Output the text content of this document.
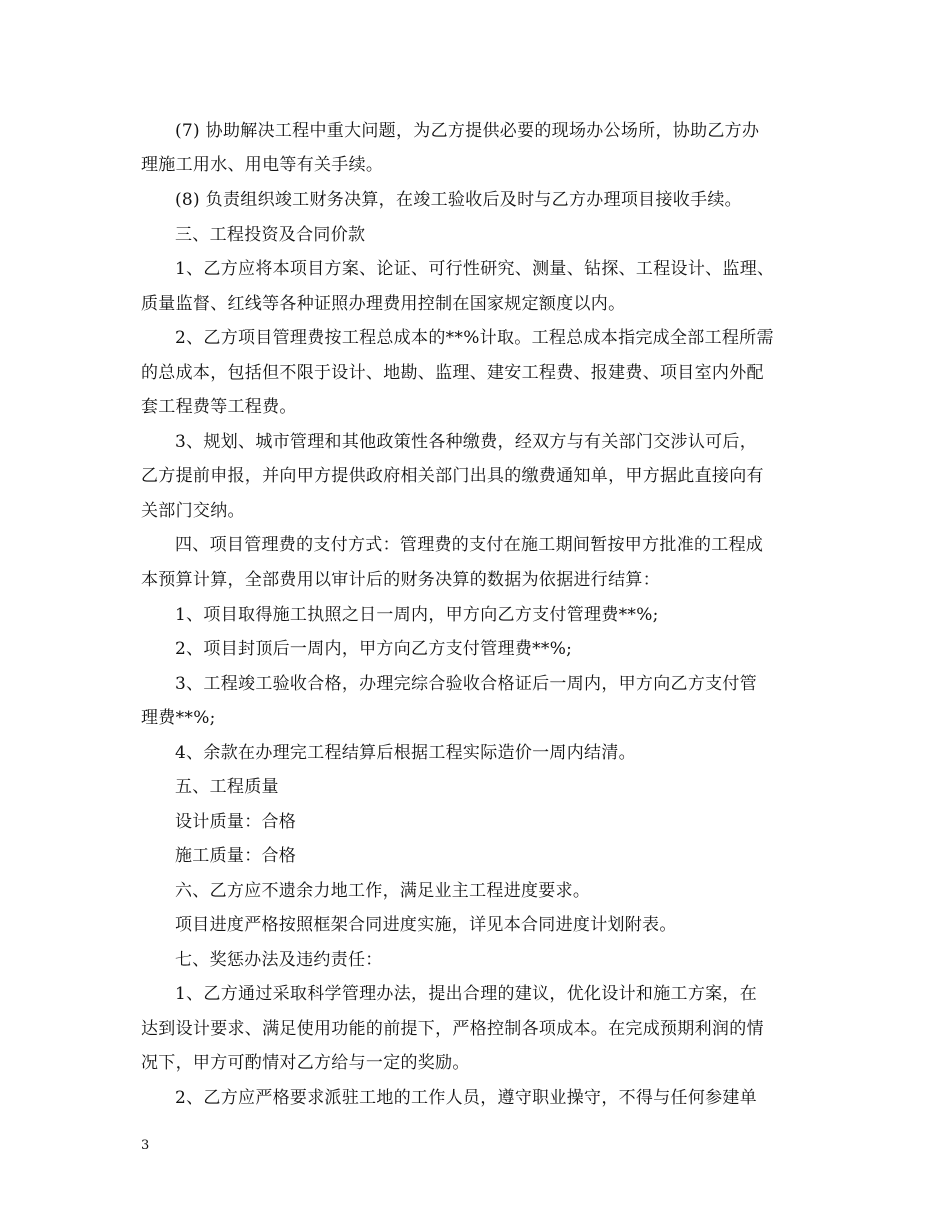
(7) 协助解决工程中重大问题，为乙方提供必要的现场办公场所，协助乙方办
理施工用水、用电等有关手续。
(8) 负责组织竣工财务决算，在竣工验收后及时与乙方办理项目接收手续。
三、工程投资及合同价款
1、乙方应将本项目方案、论证、可行性研究、测量、钻探、工程设计、监理、
质量监督、红线等各种证照办理费用控制在国家规定额度以内。
2、乙方项目管理费按工程总成本的**%计取。工程总成本指完成全部工程所需
的总成本，包括但不限于设计、地勘、监理、建安工程费、报建费、项目室内外配
套工程费等工程费。
3、规划、城市管理和其他政策性各种缴费，经双方与有关部门交涉认可后，
乙方提前申报，并向甲方提供政府相关部门出具的缴费通知单，甲方据此直接向有
关部门交纳。
四、项目管理费的支付方式：管理费的支付在施工期间暂按甲方批准的工程成
本预算计算，全部费用以审计后的财务决算的数据为依据进行结算：
1、项目取得施工执照之日一周内，甲方向乙方支付管理费**%;
2、项目封顶后一周内，甲方向乙方支付管理费**%;
3、工程竣工验收合格，办理完综合验收合格证后一周内，甲方向乙方支付管
理费**%;
4、余款在办理完工程结算后根据工程实际造价一周内结清。
五、工程质量
设计质量：合格
施工质量：合格
六、乙方应不遗余力地工作，满足业主工程进度要求。
项目进度严格按照框架合同进度实施，详见本合同进度计划附表。
七、奖惩办法及违约责任：
1、乙方通过采取科学管理办法，提出合理的建议，优化设计和施工方案，在
达到设计要求、满足使用功能的前提下，严格控制各项成本。在完成预期利润的情
况下，甲方可酌情对乙方给与一定的奖励。
2、乙方应严格要求派驻工地的工作人员，遵守职业操守，不得与任何参建单
3
